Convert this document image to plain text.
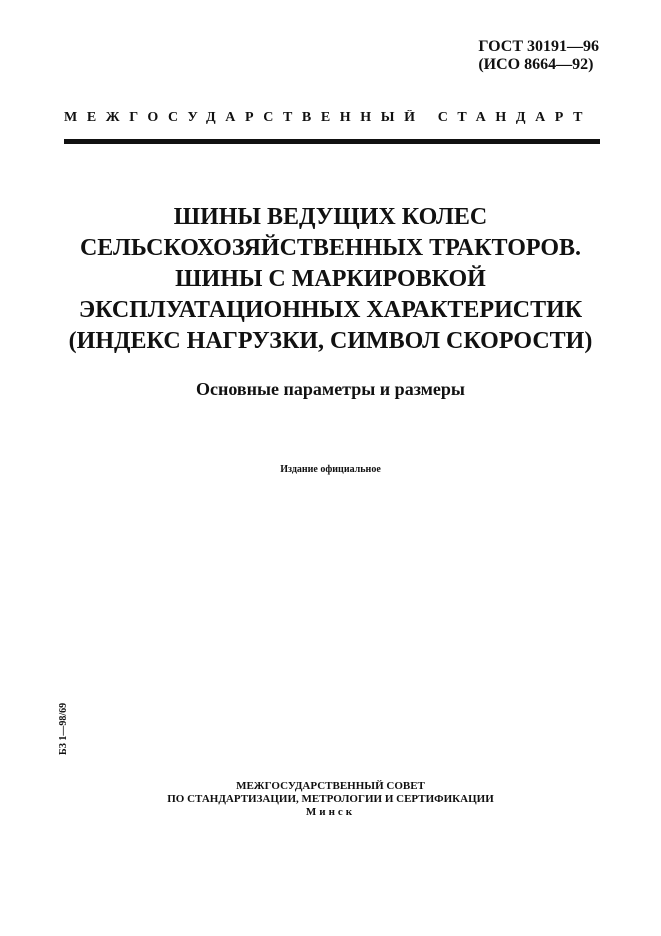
ГОСТ 30191—96
(ИСО 8664—92)
МЕЖГОСУДАРСТВЕННЫЙ СТАНДАРТ
ШИНЫ ВЕДУЩИХ КОЛЕС
СЕЛЬСКОХОЗЯЙСТВЕННЫХ ТРАКТОРОВ.
ШИНЫ С МАРКИРОВКОЙ
ЭКСПЛУАТАЦИОННЫХ ХАРАКТЕРИСТИК
(ИНДЕКС НАГРУЗКИ, СИМВОЛ СКОРОСТИ)
Основные параметры и размеры
Издание официальное
БЗ 1—98/69
МЕЖГОСУДАРСТВЕННЫЙ СОВЕТ
ПО СТАНДАРТИЗАЦИИ, МЕТРОЛОГИИ И СЕРТИФИКАЦИИ
Минск
